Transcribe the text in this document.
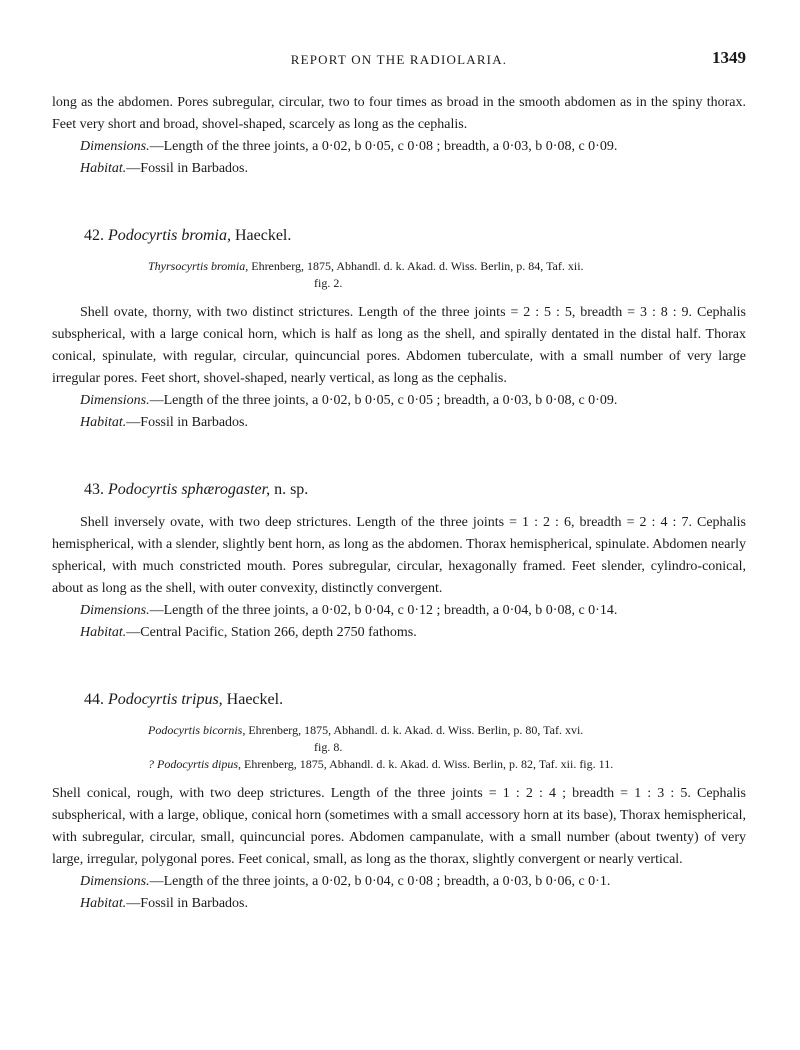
REPORT ON THE RADIOLARIA.	1349

long as the abdomen. Pores subregular, circular, two to four times as broad in the smooth abdomen as in the spiny thorax. Feet very short and broad, shovel-shaped, scarcely as long as the cephalis.

Dimensions.—Length of the three joints, a 0·02, b 0·05, c 0·08 ; breadth, a 0·03, b 0·08, c 0·09.

Habitat.—Fossil in Barbados.

42. Podocyrtis bromia, Haeckel.
Thyrsocyrtis bromia, Ehrenberg, 1875, Abhandl. d. k. Akad. d. Wiss. Berlin, p. 84, Taf. xii.
fig. 2.

Shell ovate, thorny, with two distinct strictures. Length of the three joints = 2 : 5 : 5, breadth = 3 : 8 : 9. Cephalis subspherical, with a large conical horn, which is half as long as the shell, and spirally dentated in the distal half. Thorax conical, spinulate, with regular, circular, quincuncial pores. Abdomen tuberculate, with a small number of very large irregular pores. Feet short, shovel-shaped, nearly vertical, as long as the cephalis.

Dimensions.—Length of the three joints, a 0·02, b 0·05, c 0·05 ; breadth, a 0·03, b 0·08, c 0·09.

Habitat.—Fossil in Barbados.

43. Podocyrtis sphærogaster, n. sp.

Shell inversely ovate, with two deep strictures. Length of the three joints = 1 : 2 : 6, breadth = 2 : 4 : 7. Cephalis hemispherical, with a slender, slightly bent horn, as long as the abdomen. Thorax hemispherical, spinulate. Abdomen nearly spherical, with much constricted mouth. Pores subregular, circular, hexagonally framed. Feet slender, cylindro-conical, about as long as the shell, with outer convexity, distinctly convergent.

Dimensions.—Length of the three joints, a 0·02, b 0·04, c 0·12 ; breadth, a 0·04, b 0·08, c 0·14.

Habitat.—Central Pacific, Station 266, depth 2750 fathoms.

44. Podocyrtis tripus, Haeckel.
Podocyrtis bicornis, Ehrenberg, 1875, Abhandl. d. k. Akad. d. Wiss. Berlin, p. 80, Taf. xvi.
fig. 8.
? Podocyrtis dipus, Ehrenberg, 1875, Abhandl. d. k. Akad. d. Wiss. Berlin, p. 82, Taf. xii. fig. 11.

Shell conical, rough, with two deep strictures. Length of the three joints = 1 : 2 : 4 ; breadth = 1 : 3 : 5. Cephalis subspherical, with a large, oblique, conical horn (sometimes with a small accessory horn at its base), Thorax hemispherical, with subregular, circular, small, quincuncial pores. Abdomen campanulate, with a small number (about twenty) of very large, irregular, polygonal pores. Feet conical, small, as long as the thorax, slightly convergent or nearly vertical.

Dimensions.—Length of the three joints, a 0·02, b 0·04, c 0·08 ; breadth, a 0·03, b 0·06, c 0·1.

Habitat.—Fossil in Barbados.
